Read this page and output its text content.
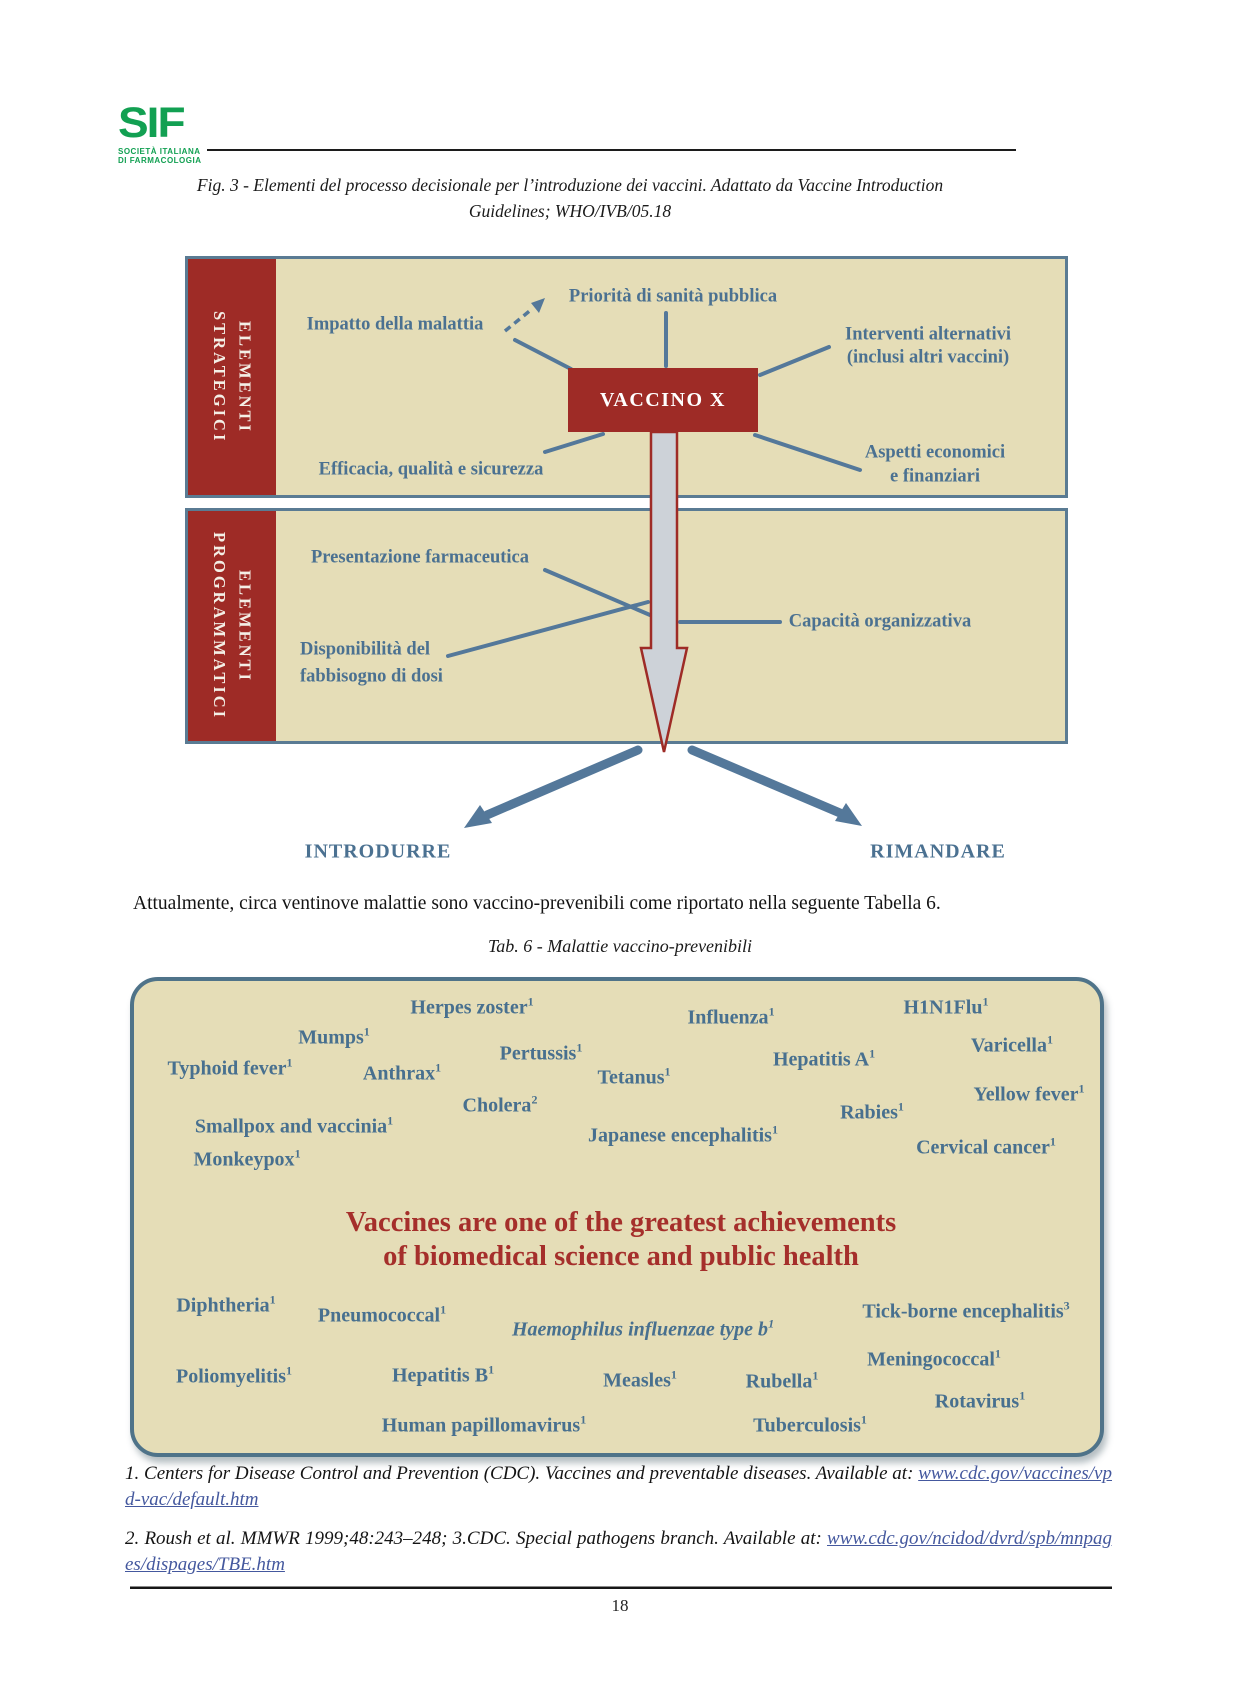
SIF
SOCIETÀ ITALIANA
DI FARMACOLOGIA
Fig. 3 - Elementi del processo decisionale per l’introduzione dei vaccini. Adattato da Vaccine Introduction
Guidelines; WHO/IVB/05.18
ELEMENTI
STRATEGICI
ELEMENTI
PROGRAMMATICI
VACCINO X
Priorità di sanità pubblica
Impatto della malattia	Interventi alternativi
(inclusi altri vaccini)
Efficacia, qualità e sicurezza
Aspetti economici
e finanziari
Presentazione farmaceutica
Capacità organizzativa
Disponibilità del
fabbisogno di dosi
INTRODURRE	RIMANDARE
Attualmente, circa ventinove malattie sono vaccino-prevenibili come riportato nella seguente Tabella 6.
Tab. 6 - Malattie vaccino-prevenibili
Vaccines are one of the greatest achievements
of biomedical science and public health
Herpes zoster$^1$
Influenza$^1$	H1N1Flu$^1$
Mumps$^1$
Varicella$^1$
Pertussis$^1$
Hepatitis $A^1$
Typhoid fever$^1$	Anthrax$^1$	Tetanus$^1$
Yellow fever$^1$
Cholera$^2$
Rabies$^1$
Smallpox and vaccinia$^1$
Japanese encephalitis$^1$
Cervical cancer$^1$
Monkeypox$^1$
Diphtheria$^1$
Pneumococcal$^1$	Tick-borne encephalitis$^3$
Haemophilus influenzae type $b^1$
Meningococcal$^1$
Poliomyelitis$^1$	Hepatitis $B^1$	Measles$^1$	Rubella$^1$
Rotavirus$^1$
Human papillomavirus$^1$	Tuberculosis$^1$

1. Centers for Disease Control and Prevention (CDC). Vaccines and preventable diseases. Available at: www.cdc.gov/vaccines/vpd-vac/default.htm

2. Roush et al. MMWR 1999;48:243–248; 3.CDC. Special pathogens branch. Available at: www.cdc.gov/ncidod/dvrd/spb/mnpages/dispages/TBE.htm

18
